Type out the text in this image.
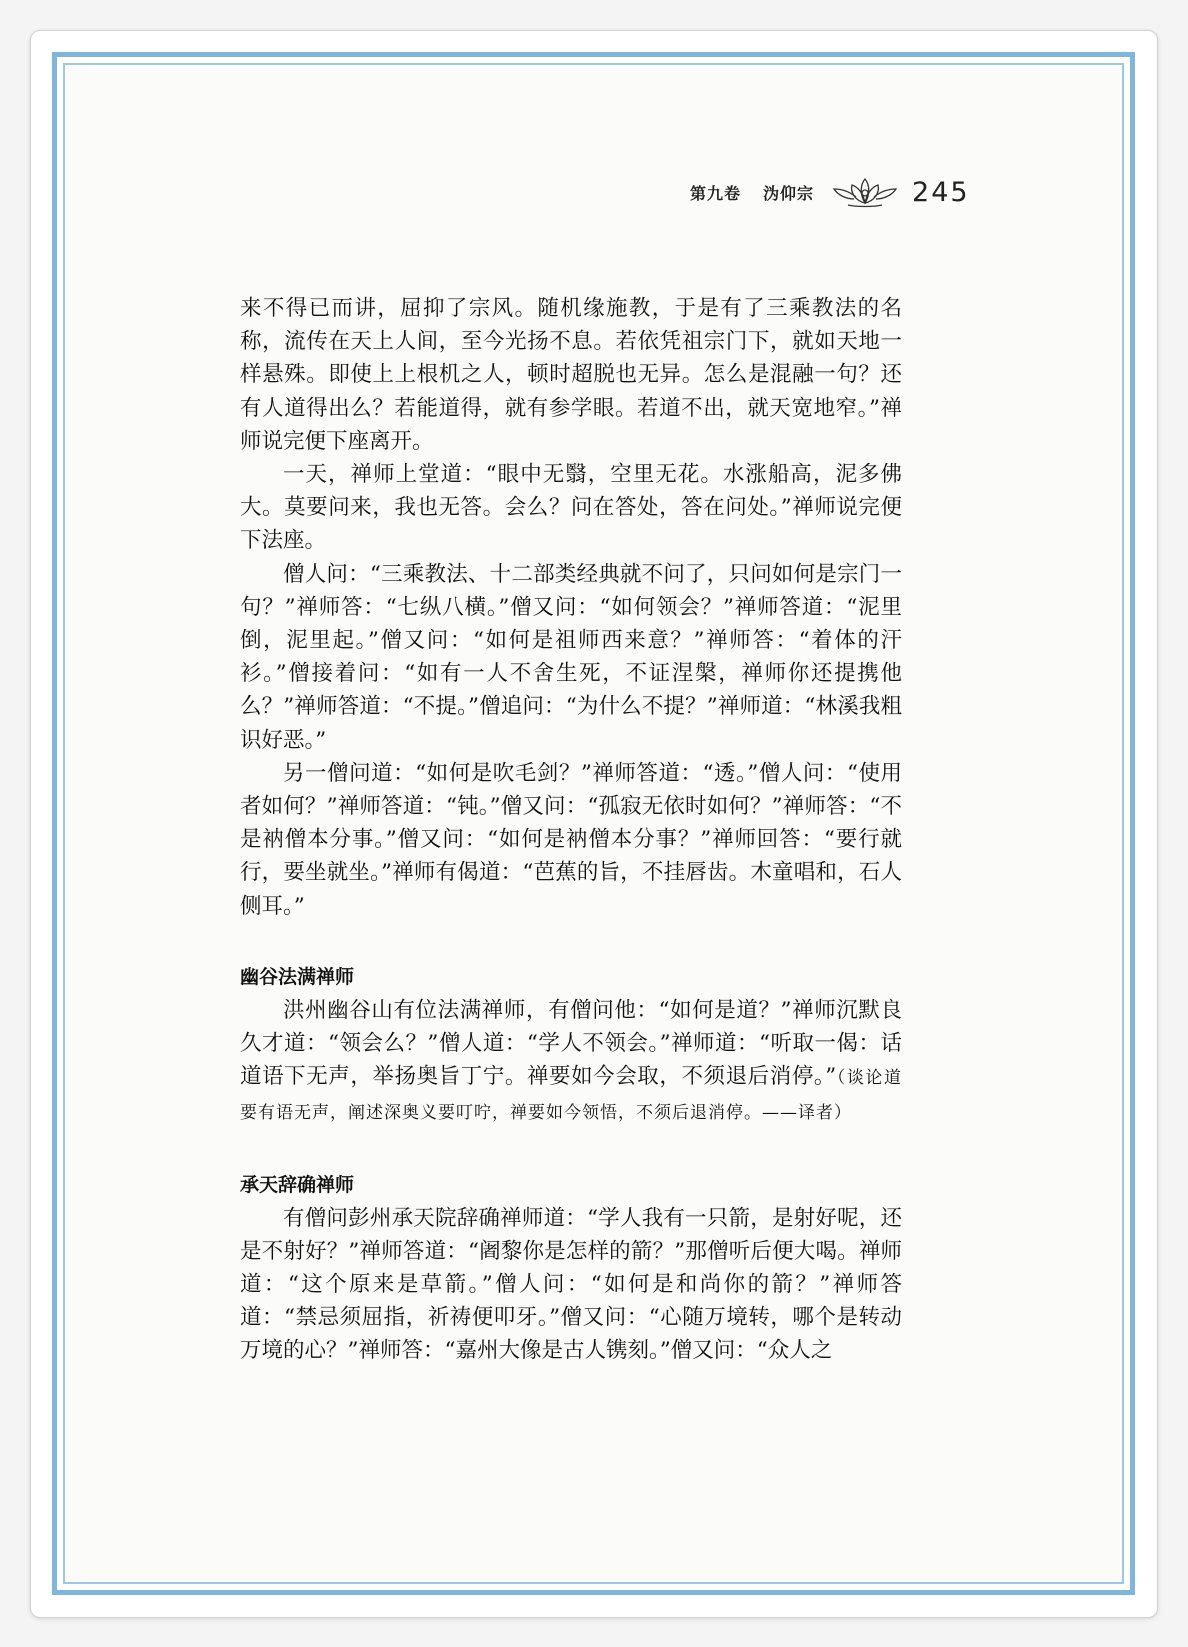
第九卷 沩仰宗	245

来不得已而讲，屈抑了宗风。随机缘施教，于是有了三乘教法的名称，流传在天上人间，至今光扬不息。若依凭祖宗门下，就如天地一样悬殊。即使上上根机之人，顿时超脱也无异。怎么是混融一句？还有人道得出么？若能道得，就有参学眼。若道不出，就天宽地窄。”禅师说完便下座离开。

一天，禅师上堂道：“眼中无翳，空里无花。水涨船高，泥多佛大。莫要问来，我也无答。会么？问在答处，答在问处。”禅师说完便下法座。

僧人问：“三乘教法、十二部类经典就不问了，只问如何是宗门一句？”禅师答：“七纵八横。”僧又问：“如何领会？”禅师答道：“泥里倒，泥里起。”僧又问：“如何是祖师西来意？”禅师答：“着体的汗衫。”僧接着问：“如有一人不舍生死，不证涅槃，禅师你还提携他么？”禅师答道：“不提。”僧追问：“为什么不提？”禅师道：“林溪我粗识好恶。”

另一僧问道：“如何是吹毛剑？”禅师答道：“透。”僧人问：“使用者如何？”禅师答道：“钝。”僧又问：“孤寂无依时如何？”禅师答：“不是衲僧本分事。”僧又问：“如何是衲僧本分事？”禅师回答：“要行就行，要坐就坐。”禅师有偈道：“芭蕉的旨，不挂唇齿。木童唱和，石人侧耳。”

幽谷法满禅师

洪州幽谷山有位法满禅师，有僧问他：“如何是道？”禅师沉默良久才道：“领会么？”僧人道：“学人不领会。”禅师道：“听取一偈：话道语下无声，举扬奥旨丁宁。禅要如今会取，不须退后消停。”（谈论道要有语无声，阐述深奥义要叮咛，禅要如今领悟，不须后退消停。——译者）

承天辞确禅师

有僧问彭州承天院辞确禅师道：“学人我有一只箭，是射好呢，还是不射好？”禅师答道：“阇黎你是怎样的箭？”那僧听后便大喝。禅师道：“这个原来是草箭。”僧人问：“如何是和尚你的箭？”禅师答道：“禁忌须屈指，祈祷便叩牙。”僧又问：“心随万境转，哪个是转动万境的心？”禅师答：“嘉州大像是古人镌刻。”僧又问：“众人之
